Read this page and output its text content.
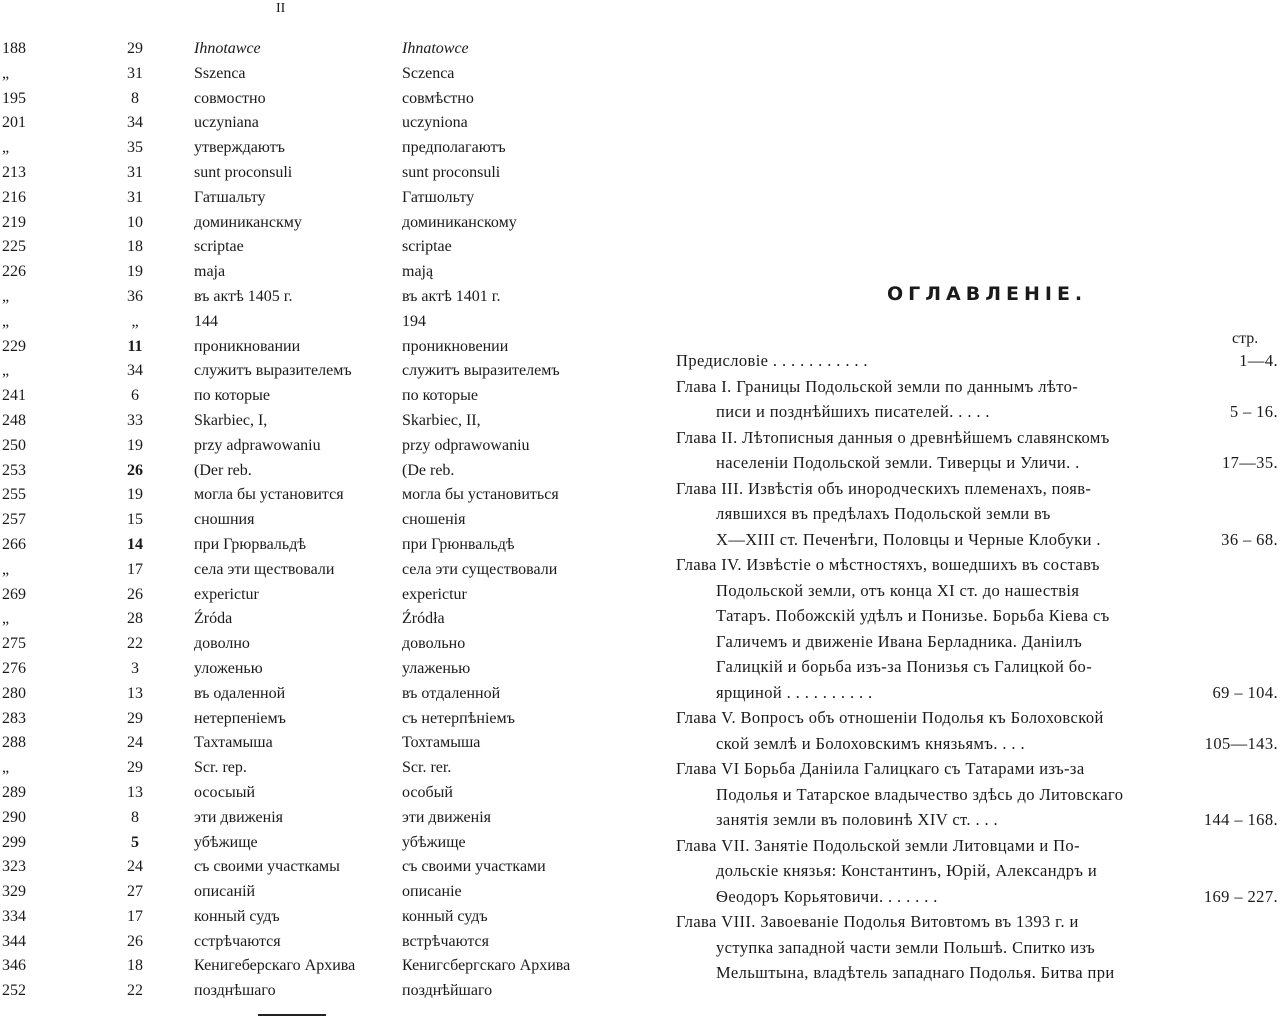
II
188	29	Ihnotawce	Ihnatowce
„	31	Sszenca	Sczenca
195	8	совмостно	совмѣстно
201	34	uczyniana	uczyniona
„	35	утверждаютъ	предполагаютъ
213	31	sunt proconsuli	sunt proconsuli
216	31	Гатшальту	Гатшольту
219	10	доминиканскму	доминиканскому
225	18	scriptae	scriptae
226	19	maja	mają
„	36	въ актѣ 1405 г.	въ актѣ 1401 г.
„	„	144	194
229	11	проникновании	проникновении
„	34	служитъ выразителемъ	служитъ выразителемъ
241	6	по которые	по которые
248	33	Skarbiec, I,	Skarbiec, II,
250	19	przy adprawowaniu	przy odprawowaniu
253	26	(Der reb.	(De reb.
255	19	могла бы установится	могла бы установиться
257	15	сношния	сношенія
266	14	при Грюрвальдѣ	при Грюнвальдѣ
„	17	села эти ществовали	села эти существовали
269	26	experictur	experictur
„	28	Źróda	Źródła
275	22	доволно	довольно
276	3	уложенью	улаженью
280	13	въ одаленной	въ отдаленной
283	29	нетерпеніемъ	съ нетерпѣніемъ
288	24	Тахтамыша	Тохтамыша
„	29	Scr. rep.	Scr. rer.
289	13	ососыый	особый
290	8	эти движенія	эти движенія
299	5	убѣжище	убѣжище
323	24	съ своими участкамы	съ своими участками
329	27	описаній	описаніе
334	17	конный судъ	конный судъ
344	26	сстрѣчаются	встрѣчаются
346	18	Кенигеберскаго Архива	Кенигсбергскаго Архива
252	22	позднѣшаго	позднѣйшаго
ОГЛАВЛЕНІЕ.
стр.
Предисловіе . . . . . . . . . . .	1—4.
Глава I. Границы Подольской земли по даннымъ лѣто-
писи и позднѣйшихъ писателей. . . . .	5 – 16.
Глава II. Лѣтописныя данныя о древнѣйшемъ славянскомъ
населеніи Подольской земли. Тиверцы и Уличи. .	17—35.
Глава III. Извѣстія объ инородческихъ племенахъ, появ-
лявшихся въ предѣлахъ Подольской земли въ
X—XIII ст. Печенѣги, Половцы и Черные Клобуки .	36 – 68.
Глава IV. Извѣстіе о мѣстностяхъ, вошедшихъ въ составъ
Подольской земли, отъ конца XI ст. до нашествія
Татаръ. Побожскій удѣлъ и Понизье. Борьба Кіева съ
Галичемъ и движеніе Ивана Берладника. Даніилъ
Галицкій и борьба изъ-за Понизья съ Галицкой бо-
ярщиной . . . . . . . . . .	69 – 104.
Глава V. Вопросъ объ отношеніи Подолья къ Болоховской
ской землѣ и Болоховскимъ князьямъ. . . .	105—143.
Глава VI Борьба Даніила Галицкаго съ Татарами изъ-за
Подолья и Татарское владычество здѣсь до Литовскаго
занятія земли въ половинѣ XIV ст. . . .	144 – 168.
Глава VII. Занятіе Подольской земли Литовцами и По-
дольскіе князья: Константинъ, Юрій, Александръ и
Ѳеодоръ Корьятовичи. . . . . . .	169 – 227.
Глава VIII. Завоеваніе Подолья Витовтомъ въ 1393 г. и
уступка западной части земли Польшѣ. Спитко изъ
Мельштына, владѣтель западнаго Подолья. Битва при
